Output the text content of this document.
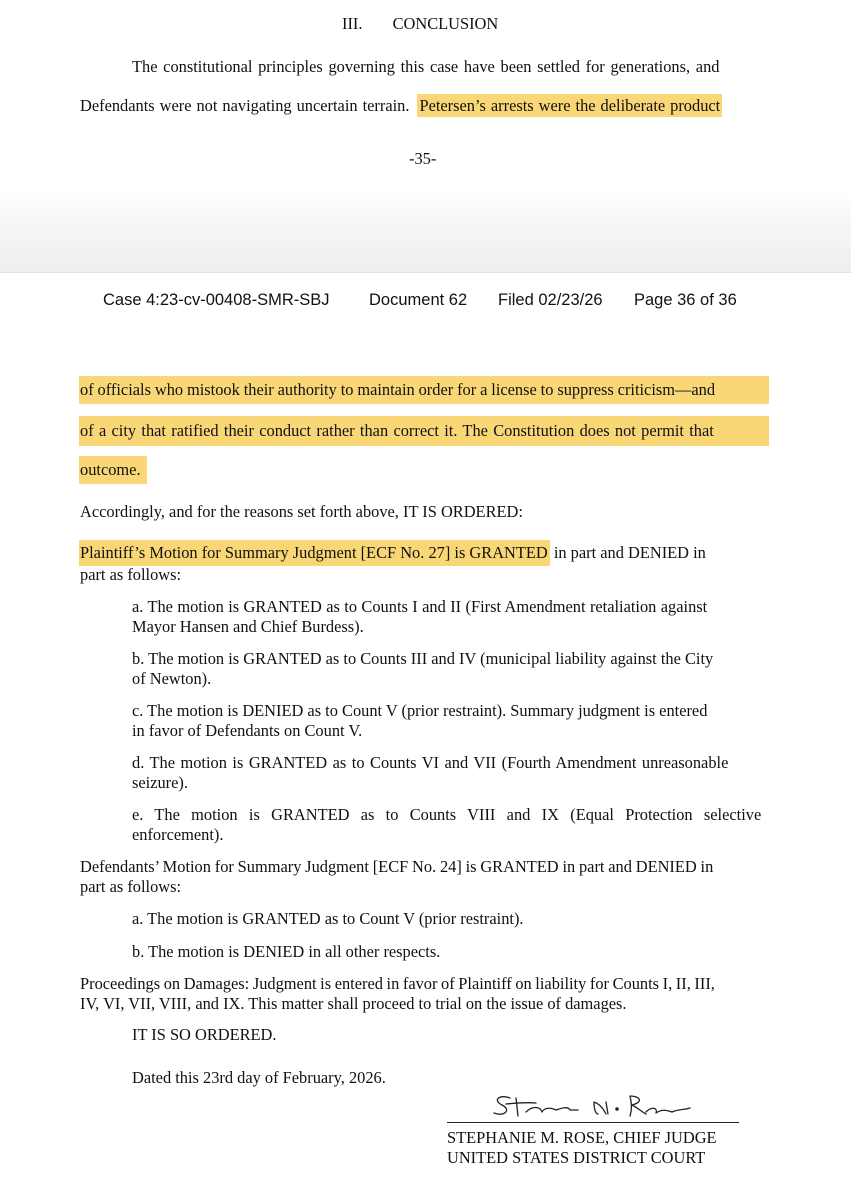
III. CONCLUSION
The constitutional principles governing this case have been settled for generations, and
Defendants were not navigating uncertain terrain. Petersen’s arrests were the deliberate product
-35-
Case 4:23-cv-00408-SMR-SBJ Document 62 Filed 02/23/26 Page 36 of 36
of officials who mistook their authority to maintain order for a license to suppress criticism—and
of a city that ratified their conduct rather than correct it. The Constitution does not permit that
outcome.
Accordingly, and for the reasons set forth above, IT IS ORDERED:
Plaintiff’s Motion for Summary Judgment [ECF No. 27] is GRANTED in part and DENIED in
part as follows:
a. The motion is GRANTED as to Counts I and II (First Amendment retaliation against
Mayor Hansen and Chief Burdess).
b. The motion is GRANTED as to Counts III and IV (municipal liability against the City
of Newton).
c. The motion is DENIED as to Count V (prior restraint). Summary judgment is entered
in favor of Defendants on Count V.
d. The motion is GRANTED as to Counts VI and VII (Fourth Amendment unreasonable
seizure).
e. The motion is GRANTED as to Counts VIII and IX (Equal Protection selective
enforcement).
Defendants’ Motion for Summary Judgment [ECF No. 24] is GRANTED in part and DENIED in
part as follows:
a. The motion is GRANTED as to Count V (prior restraint).
b. The motion is DENIED in all other respects.
Proceedings on Damages: Judgment is entered in favor of Plaintiff on liability for Counts I, II, III,
IV, VI, VII, VIII, and IX. This matter shall proceed to trial on the issue of damages.
IT IS SO ORDERED.
Dated this 23rd day of February, 2026.
STEPHANIE M. ROSE, CHIEF JUDGE
UNITED STATES DISTRICT COURT
